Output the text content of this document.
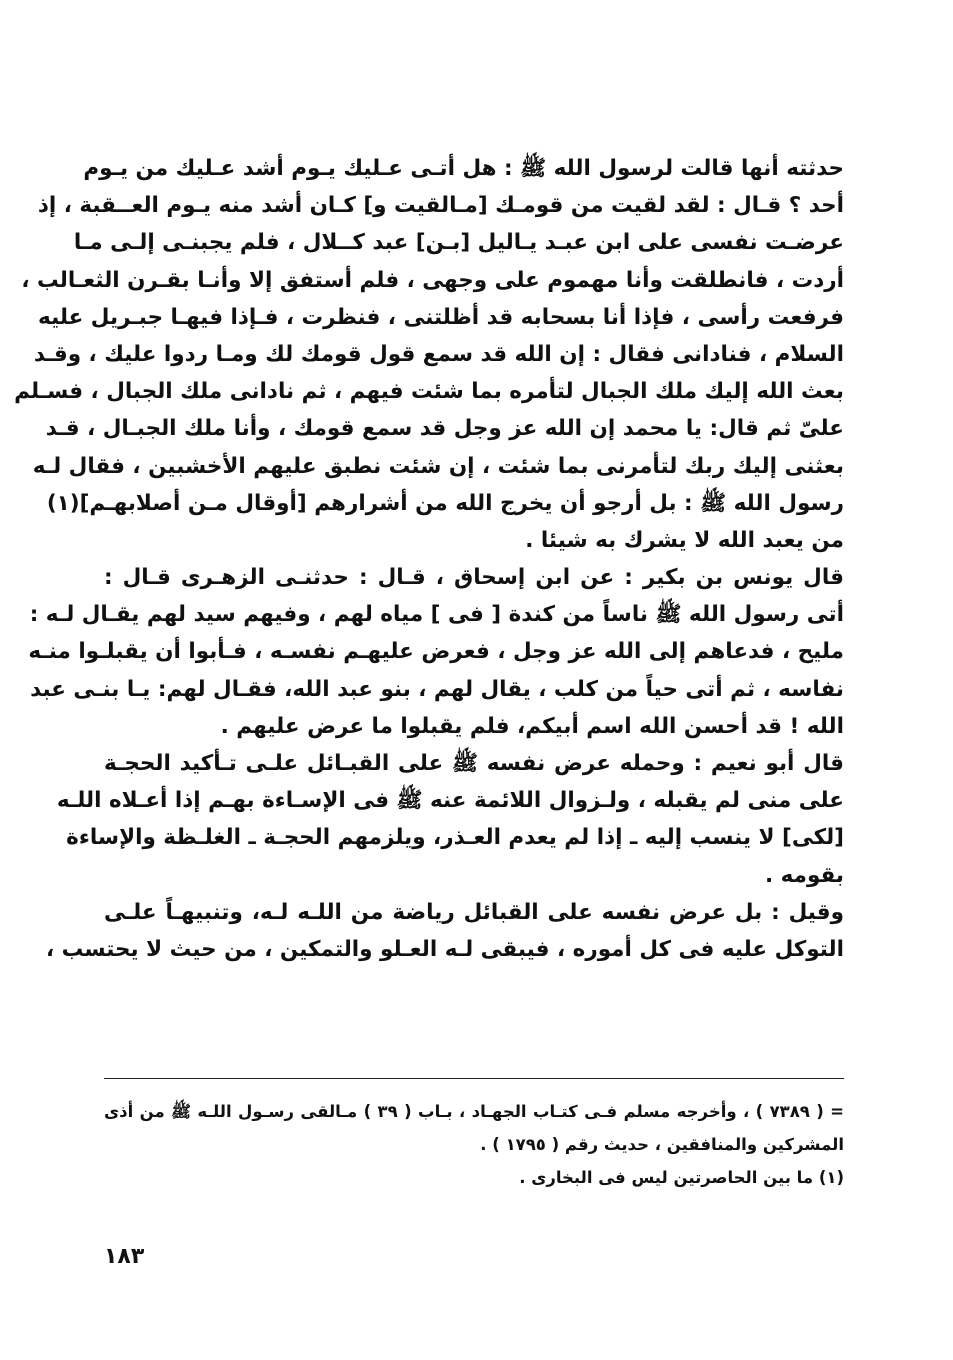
حدثته أنها قالت لرسول الله ﷺ : هل أتـى عـليك يـوم أشد عـليك من يـوم
أحد ؟ قـال : لقد لقيت من قومـك [مـالقيت و] كـان أشد منه يـوم العــقبة ، إذ
عرضـت نفسى على ابن عبـد يـاليل [بـن] عبد كــلال ، فلم يجبنـى إلـى مـا
أردت ، فانطلقت وأنا مهموم على وجهى ، فلم أستفق إلا وأنـا بقـرن الثعـالب ،
فرفعت رأسى ، فإذا أنا بسحابه قد أظلتنى ، فنظرت ، فـإذا فيهـا جبـريل عليه
السلام ، فنادانى فقال : إن الله قد سمع قول قومك لك ومـا ردوا عليك ، وقـد
بعث الله إليك ملك الجبال لتأمره بما شئت فيهم ، ثم نادانى ملك الجبال ، فسـلم
علىّ ثم قال: يا محمد إن الله عز وجل قد سمع قومك ، وأنا ملك الجبـال ، قـد
بعثنى إليك ربك لتأمرنى بما شئت ، إن شئت نطبق عليهم الأخشبين ، فقال لـه
رسول الله ﷺ : بل أرجو أن يخرج الله من أشرارهم [أوقال مـن أصلابهـم](١)
من يعبد الله لا يشرك به شيئا .
قال يونس بن بكير : عن ابن إسحاق ، قـال : حدثنـى الزهـرى قـال :
أتى رسول الله ﷺ ناساً من كندة [ فى ] مياه لهم ، وفيهم سيد لهم يقـال لـه :
مليح ، فدعاهم إلى الله عز وجل ، فعرض عليهـم نفسـه ، فـأبوا أن يقبلـوا منـه
نفاسه ، ثم أتى حياً من كلب ، يقال لهم ، بنو عبد الله، فقـال لهم: يـا بنـى عبد
الله ! قد أحسن الله اسم أبيكم، فلم يقبلوا ما عرض عليهم .
قال أبو نعيم : وحمله عرض نفسه ﷺ على القبـائل علـى تـأكيد الحجـة
على منى لم يقبله ، ولـزوال اللائمة عنه ﷺ فى الإسـاءة بهـم إذا أعـلاه اللـه
[لكى] لا ينسب إليه ـ إذا لم يعدم العـذر، ويلزمهم الحجـة ـ الغلـظة والإساءة
بقومه .
وقيل : بل عرض نفسه على القبائل رياضة من اللـه لـه، وتنبيهـاً علـى
التوكل عليه فى كل أموره ، فيبقى لـه العـلو والتمكين ، من حيث لا يحتسب ،
= ( ٧٣٨٩ ) ، وأخرجه مسلم فـى كتـاب الجهـاد ، بـاب ( ٣٩ ) مـالقى رسـول اللـه ﷺ من أذى
المشركين والمنافقين ، حديث رقم ( ١٧٩٥ ) .
(١) ما بين الحاصرتين ليس فى البخارى .
١٨٣
